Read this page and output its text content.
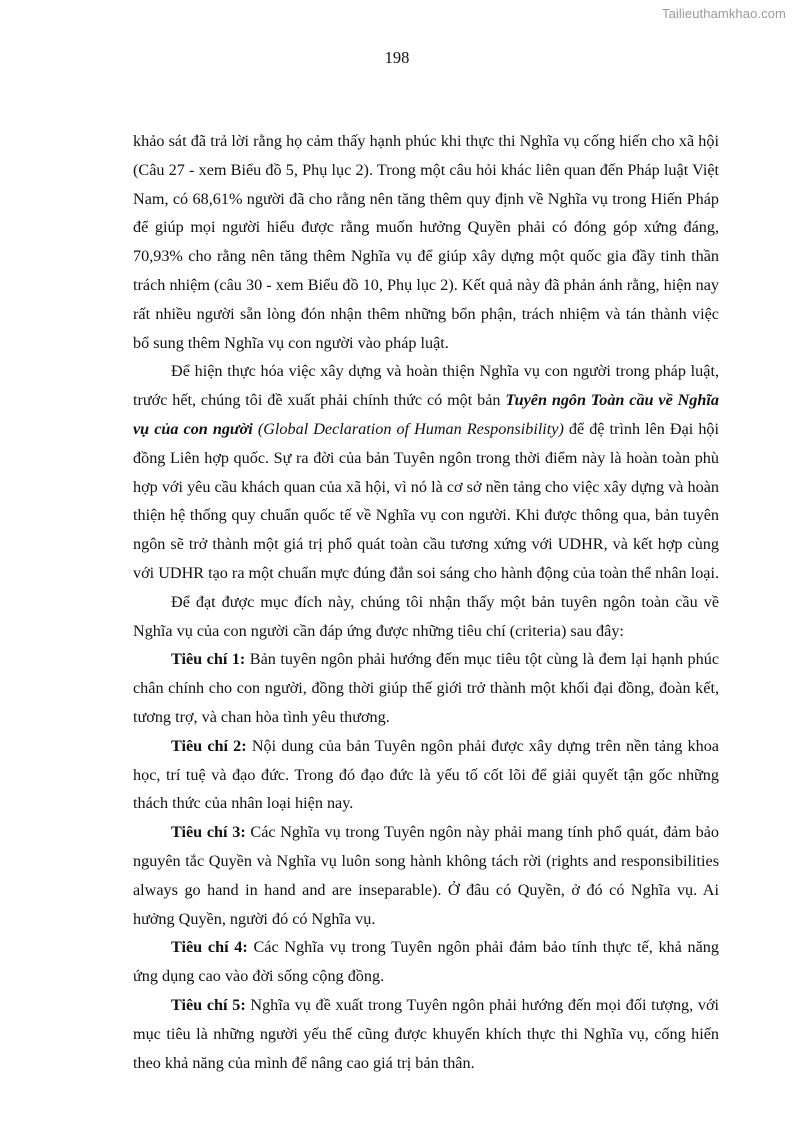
Tailieuthamkhao.com
198

khảo sát đã trả lời rằng họ cảm thấy hạnh phúc khi thực thi Nghĩa vụ cống hiến cho xã hội (Câu 27 - xem Biểu đồ 5, Phụ lục 2). Trong một câu hỏi khác liên quan đến Pháp luật Việt Nam, có 68,61% người đã cho rằng nên tăng thêm quy định về Nghĩa vụ trong Hiến Pháp để giúp mọi người hiểu được rằng muốn hưởng Quyền phải có đóng góp xứng đáng, 70,93% cho rằng nên tăng thêm Nghĩa vụ để giúp xây dựng một quốc gia đầy tinh thần trách nhiệm (câu 30 - xem Biểu đồ 10, Phụ lục 2). Kết quả này đã phản ánh rằng, hiện nay rất nhiều người sẵn lòng đón nhận thêm những bổn phận, trách nhiệm và tán thành việc bổ sung thêm Nghĩa vụ con người vào pháp luật.

Để hiện thực hóa việc xây dựng và hoàn thiện Nghĩa vụ con người trong pháp luật, trước hết, chúng tôi đề xuất phải chính thức có một bản Tuyên ngôn Toàn cầu về Nghĩa vụ của con người (Global Declaration of Human Responsibility) để đệ trình lên Đại hội đồng Liên hợp quốc. Sự ra đời của bản Tuyên ngôn trong thời điểm này là hoàn toàn phù hợp với yêu cầu khách quan của xã hội, vì nó là cơ sở nền tảng cho việc xây dựng và hoàn thiện hệ thống quy chuẩn quốc tế về Nghĩa vụ con người. Khi được thông qua, bản tuyên ngôn sẽ trở thành một giá trị phổ quát toàn cầu tương xứng với UDHR, và kết hợp cùng với UDHR tạo ra một chuẩn mực đúng đắn soi sáng cho hành động của toàn thể nhân loại.

Để đạt được mục đích này, chúng tôi nhận thấy một bản tuyên ngôn toàn cầu về Nghĩa vụ của con người cần đáp ứng được những tiêu chí (criteria) sau đây:

Tiêu chí 1: Bản tuyên ngôn phải hướng đến mục tiêu tột cùng là đem lại hạnh phúc chân chính cho con người, đồng thời giúp thế giới trở thành một khối đại đồng, đoàn kết, tương trợ, và chan hòa tình yêu thương.

Tiêu chí 2: Nội dung của bản Tuyên ngôn phải được xây dựng trên nền tảng khoa học, trí tuệ và đạo đức. Trong đó đạo đức là yếu tố cốt lõi để giải quyết tận gốc những thách thức của nhân loại hiện nay.

Tiêu chí 3: Các Nghĩa vụ trong Tuyên ngôn này phải mang tính phổ quát, đảm bảo nguyên tắc Quyền và Nghĩa vụ luôn song hành không tách rời (rights and responsibilities always go hand in hand and are inseparable). Ở đâu có Quyền, ở đó có Nghĩa vụ. Ai hưởng Quyền, người đó có Nghĩa vụ.

Tiêu chí 4: Các Nghĩa vụ trong Tuyên ngôn phải đảm bảo tính thực tế, khả năng ứng dụng cao vào đời sống cộng đồng.

Tiêu chí 5: Nghĩa vụ đề xuất trong Tuyên ngôn phải hướng đến mọi đối tượng, với mục tiêu là những người yếu thế cũng được khuyến khích thực thi Nghĩa vụ, cống hiến theo khả năng của mình để nâng cao giá trị bản thân.
